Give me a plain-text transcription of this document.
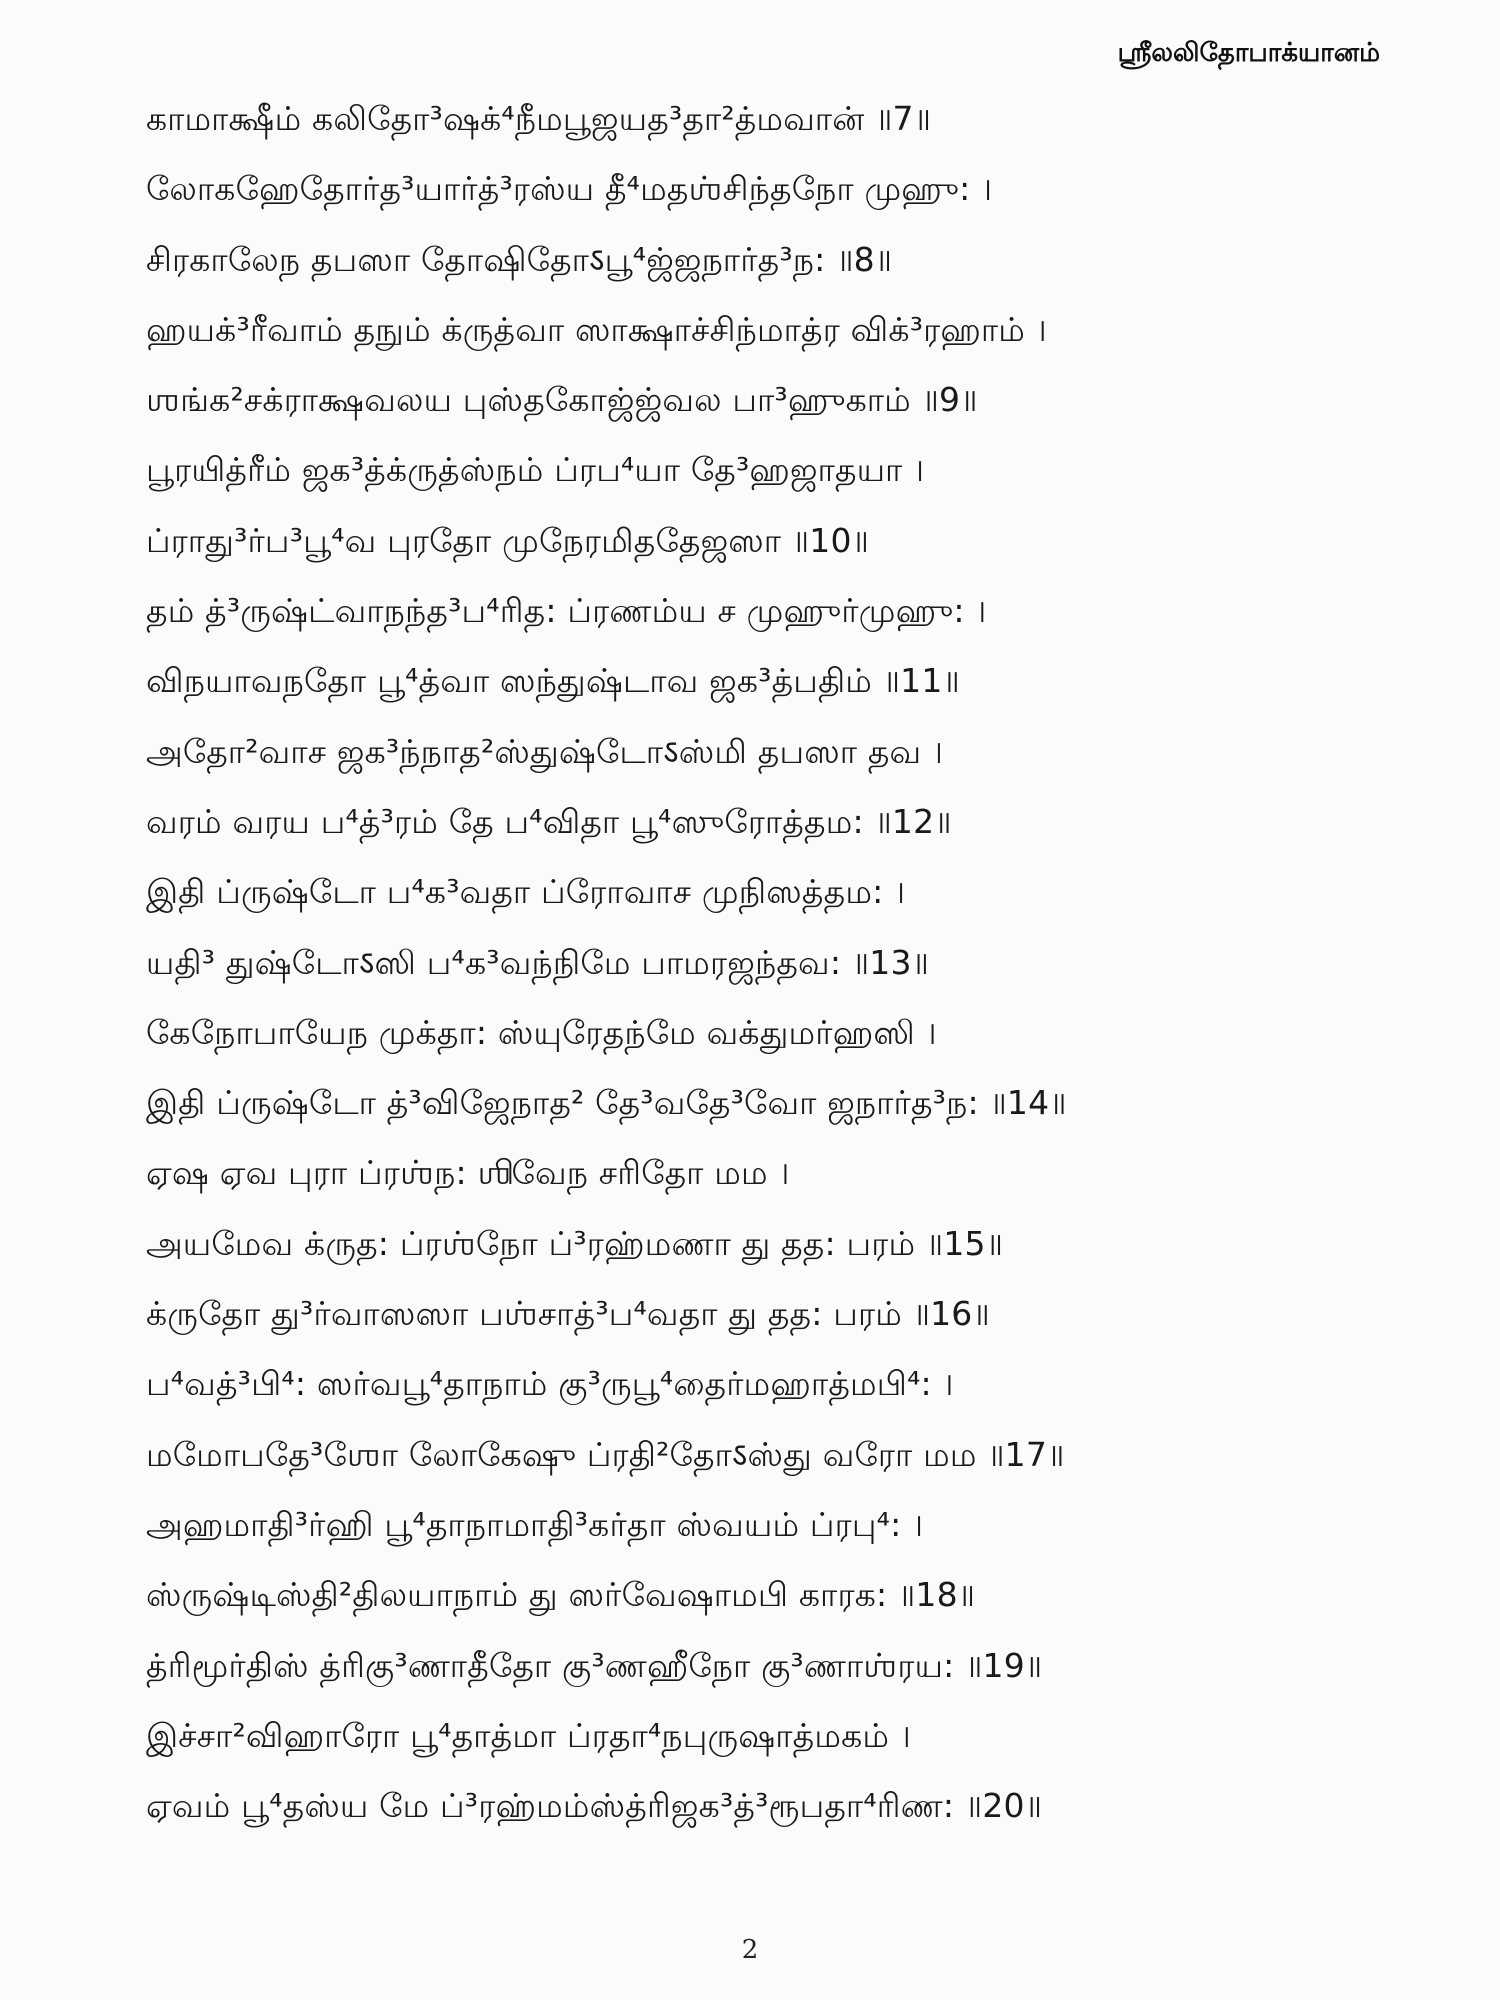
ஸ்ரீலலிதோபாக்யானம்
காமாக்ஷீம் கலிதோ³ஷக்⁴நீமபூஜயத³தா²த்மவான் ॥7॥
லோகஹேதோர்த³யார்த்³ரஸ்ய தீ⁴மதஶ்சிந்தநோ முஹு: ।
சிரகாலேந தபஸா தோஷிதோऽபூ⁴ஜ்ஜநார்த³ந: ॥8॥
ஹயக்³ரீவாம் தநும் க்ருத்வா ஸாக்ஷாச்சிந்மாத்ர விக்³ரஹாம் ।
ஶங்க²சக்ராக்ஷவலய புஸ்தகோஜ்ஜ்வல பா³ஹுகாம் ॥9॥
பூரயித்ரீம் ஜக³த்க்ருத்ஸ்நம் ப்ரப⁴யா தே³ஹஜாதயா ।
ப்ராது³ர்ப³பூ⁴வ புரதோ முநேரமிததேஜஸா ॥10॥
தம் த்³ருஷ்ட்வாநந்த³ப⁴ரித: ப்ரணம்ய ச முஹுர்முஹு: ।
விநயாவநதோ பூ⁴த்வா ஸந்துஷ்டாவ ஜக³த்பதிம் ॥11॥
அதோ²வாச ஜக³ந்நாத²ஸ்துஷ்டோऽஸ்மி தபஸா தவ ।
வரம் வரய ப⁴த்³ரம் தே ப⁴விதா பூ⁴ஸுரோத்தம: ॥12॥
இதி ப்ருஷ்டோ ப⁴க³வதா ப்ரோவாச முநிஸத்தம: ।
யதி³ துஷ்டோऽஸி ப⁴க³வந்நிமே பாமரஜந்தவ: ॥13॥
கேநோபாயேந முக்தா: ஸ்யுரேதந்மே வக்துமர்ஹஸி ।
இதி ப்ருஷ்டோ த்³விஜேநாத² தே³வதே³வோ ஜநார்த³ந: ॥14॥
ஏஷ ஏவ புரா ப்ரஶ்ந: ஶிவேந சரிதோ மம ।
அயமேவ க்ருத: ப்ரஶ்நோ ப்³ரஹ்மணா து தத: பரம் ॥15॥
க்ருதோ து³ர்வாஸஸா பஶ்சாத்³ப⁴வதா து தத: பரம் ॥16॥
ப⁴வத்³பி⁴: ஸர்வபூ⁴தாநாம் கு³ருபூ⁴தைர்மஹாத்மபி⁴: ।
மமோபதே³ஶோ லோகேஷு ப்ரதி²தோऽஸ்து வரோ மம ॥17॥
அஹமாதி³ர்ஹி பூ⁴தாநாமாதி³கர்தா ஸ்வயம் ப்ரபு⁴: ।
ஸ்ருஷ்டிஸ்தி²திலயாநாம் து ஸர்வேஷாமபி காரக: ॥18॥
த்ரிமூர்திஸ் த்ரிகு³ணாதீதோ கு³ணஹீநோ கு³ணாஶ்ரய: ॥19॥
இச்சா²விஹாரோ பூ⁴தாத்மா ப்ரதா⁴நபுருஷாத்மகம் ।
ஏவம் பூ⁴தஸ்ய மே ப்³ரஹ்மம்ஸ்த்ரிஜக³த்³ரூபதா⁴ரிண: ॥20॥
2
